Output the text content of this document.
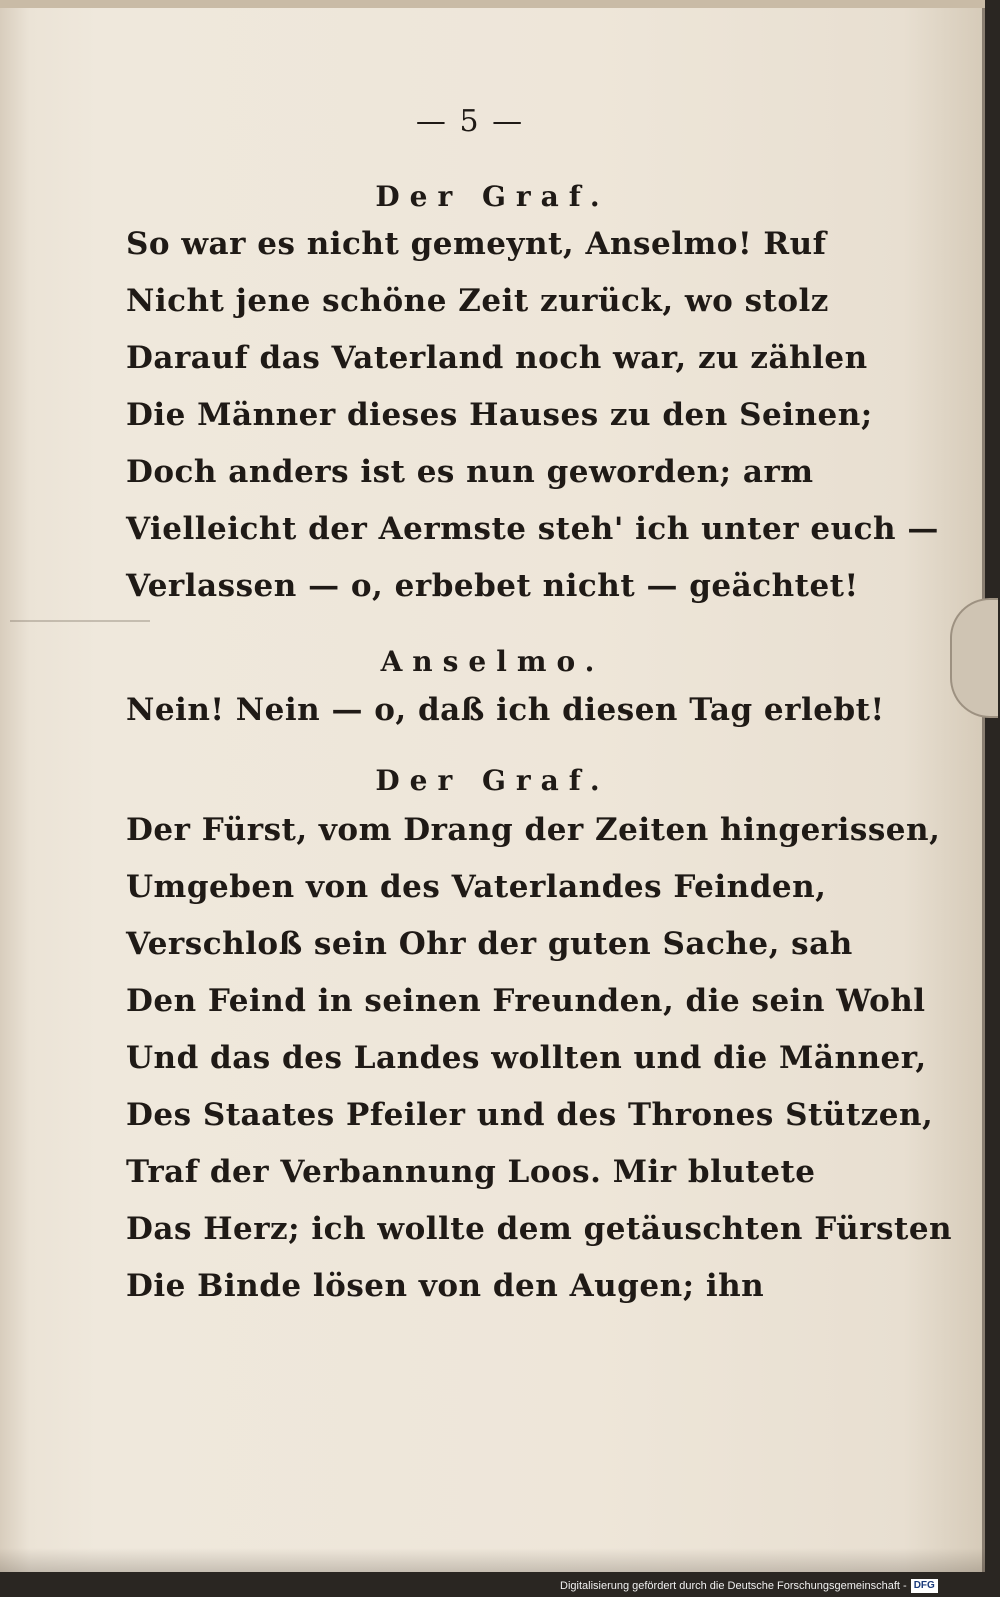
— 5 —
Der Graf.
So war es nicht gemeynt, Anselmo! Ruf
Nicht jene schöne Zeit zurück, wo stolz
Darauf das Vaterland noch war, zu zählen
Die Männer dieses Hauses zu den Seinen;
Doch anders ist es nun geworden; arm
Vielleicht der Aermste steh' ich unter euch —
Verlassen — o, erbebet nicht — geächtet!
Anselmo.
Nein! Nein — o, daß ich diesen Tag erlebt!
Der Graf.
Der Fürst, vom Drang der Zeiten hingerissen,
Umgeben von des Vaterlandes Feinden,
Verschloß sein Ohr der guten Sache, sah
Den Feind in seinen Freunden, die sein Wohl
Und das des Landes wollten und die Männer,
Des Staates Pfeiler und des Thrones Stützen,
Traf der Verbannung Loos. Mir blutete
Das Herz; ich wollte dem getäuschten Fürsten
Die Binde lösen von den Augen; ihn
Digitalisierung gefördert durch die Deutsche Forschungsgemeinschaft - DFG
